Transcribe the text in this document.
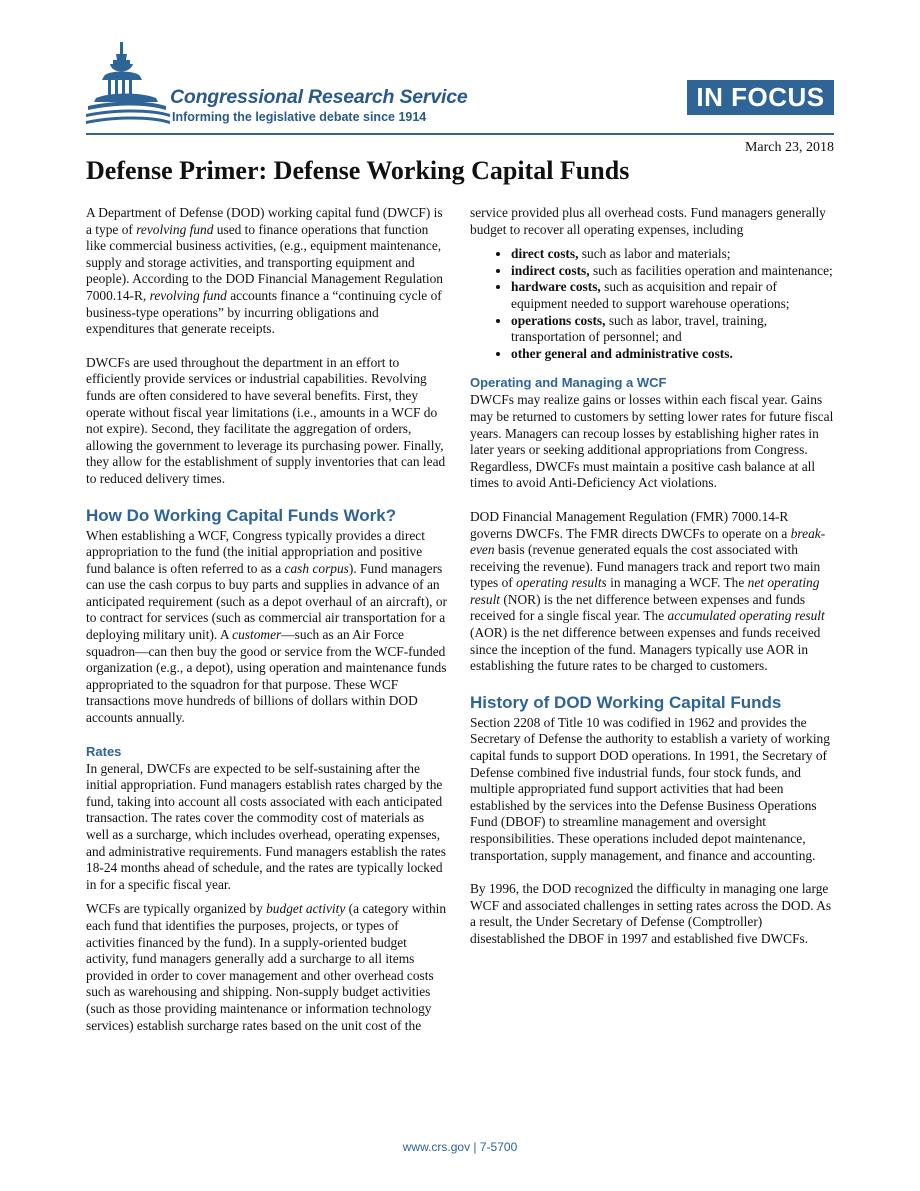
Congressional Research Service
Informing the legislative debate since 1914
IN FOCUS
March 23, 2018
Defense Primer: Defense Working Capital Funds

A Department of Defense (DOD) working capital fund (DWCF) is a type of revolving fund used to finance operations that function like commercial business activities, (e.g., equipment maintenance, supply and storage activities, and transporting equipment and people). According to the DOD Financial Management Regulation 7000.14-R, revolving fund accounts finance a “continuing cycle of business-type operations” by incurring obligations and expenditures that generate receipts.

DWCFs are used throughout the department in an effort to efficiently provide services or industrial capabilities. Revolving funds are often considered to have several benefits. First, they operate without fiscal year limitations (i.e., amounts in a WCF do not expire). Second, they facilitate the aggregation of orders, allowing the government to leverage its purchasing power. Finally, they allow for the establishment of supply inventories that can lead to reduced delivery times.

How Do Working Capital Funds Work?

When establishing a WCF, Congress typically provides a direct appropriation to the fund (the initial appropriation and positive fund balance is often referred to as a cash corpus). Fund managers can use the cash corpus to buy parts and supplies in advance of an anticipated requirement (such as a depot overhaul of an aircraft), or to contract for services (such as commercial air transportation for a deploying military unit). A customer—such as an Air Force squadron—can then buy the good or service from the WCF-funded organization (e.g., a depot), using operation and maintenance funds appropriated to the squadron for that purpose. These WCF transactions move hundreds of billions of dollars within DOD accounts annually.

Rates

In general, DWCFs are expected to be self-sustaining after the initial appropriation. Fund managers establish rates charged by the fund, taking into account all costs associated with each anticipated transaction. The rates cover the commodity cost of materials as well as a surcharge, which includes overhead, operating expenses, and administrative requirements. Fund managers establish the rates 18-24 months ahead of schedule, and the rates are typically locked in for a specific fiscal year.

WCFs are typically organized by budget activity (a category within each fund that identifies the purposes, projects, or types of activities financed by the fund). In a supply-oriented budget activity, fund managers generally add a surcharge to all items provided in order to cover management and other overhead costs such as warehousing and shipping. Non-supply budget activities (such as those providing maintenance or information technology services) establish surcharge rates based on the unit cost of the

service provided plus all overhead costs. Fund managers generally budget to recover all operating expenses, including

• direct costs, such as labor and materials;
• indirect costs, such as facilities operation and maintenance;
• hardware costs, such as acquisition and repair of equipment needed to support warehouse operations;
• operations costs, such as labor, travel, training, transportation of personnel; and
• other general and administrative costs.
Operating and Managing a WCF

DWCFs may realize gains or losses within each fiscal year. Gains may be returned to customers by setting lower rates for future fiscal years. Managers can recoup losses by establishing higher rates in later years or seeking additional appropriations from Congress. Regardless, DWCFs must maintain a positive cash balance at all times to avoid Anti-Deficiency Act violations.

DOD Financial Management Regulation (FMR) 7000.14-R governs DWCFs. The FMR directs DWCFs to operate on a break-even basis (revenue generated equals the cost associated with receiving the revenue). Fund managers track and report two main types of operating results in managing a WCF. The net operating result (NOR) is the net difference between expenses and funds received for a single fiscal year. The accumulated operating result (AOR) is the net difference between expenses and funds received since the inception of the fund. Managers typically use AOR in establishing the future rates to be charged to customers.

History of DOD Working Capital Funds

Section 2208 of Title 10 was codified in 1962 and provides the Secretary of Defense the authority to establish a variety of working capital funds to support DOD operations. In 1991, the Secretary of Defense combined five industrial funds, four stock funds, and multiple appropriated fund support activities that had been established by the services into the Defense Business Operations Fund (DBOF) to streamline management and oversight responsibilities. These operations included depot maintenance, transportation, supply management, and finance and accounting.

By 1996, the DOD recognized the difficulty in managing one large WCF and associated challenges in setting rates across the DOD. As a result, the Under Secretary of Defense (Comptroller) disestablished the DBOF in 1997 and established five DWCFs.

www.crs.gov | 7-5700
